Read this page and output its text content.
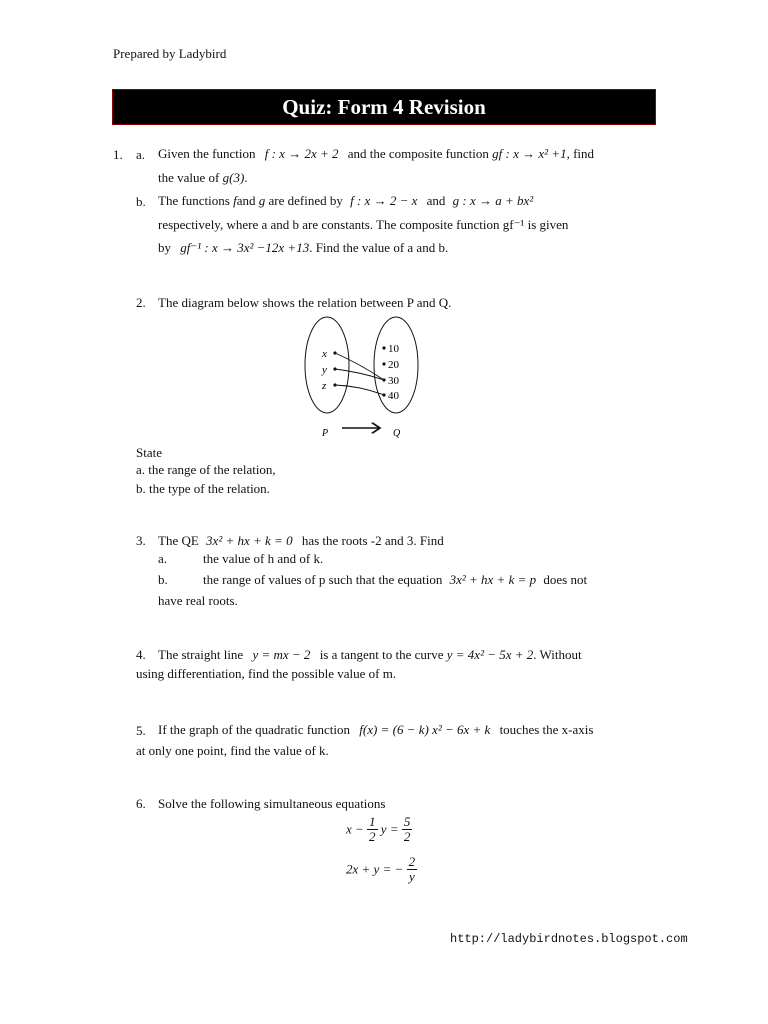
Prepared by Ladybird
Quiz: Form 4 Revision
1. a. Given the function f : x → 2x + 2 and the composite function gf : x → x² +1, find
the value of g(3).
b. The functions fand g are defined by f : x → 2 − x and g : x → a + bx²
respectively, where a and b are constants. The composite function gf⁻¹ is given
by gf⁻¹ : x → 3x² −12x +13. Find the value of a and b.
2. The diagram below shows the relation between P and Q.
x
y
z
10
20
30
40
P	Q
State
a. the range of the relation,
b. the type of the relation.
3. The QE 3x² + hx + k = 0 has the roots -2 and 3. Find
a.	the value of h and of k.
b.	the range of values of p such that the equation 3x² + hx + k = p does not
have real roots.
4. The straight line y = mx − 2 is a tangent to the curve y = 4x² − 5x + 2. Without
using differentiation, find the possible value of m.
5. If the graph of the quadratic function f(x) = (6 − k) x² − 6x + k touches the x-axis
at only one point, find the value of k.
6. Solve the following simultaneous equations
$x - \frac{1}{2}$ $y = \frac{5}{2}$
2x + y = − $\frac{2}{y}$
http://ladybirdnotes.blogspot.com
